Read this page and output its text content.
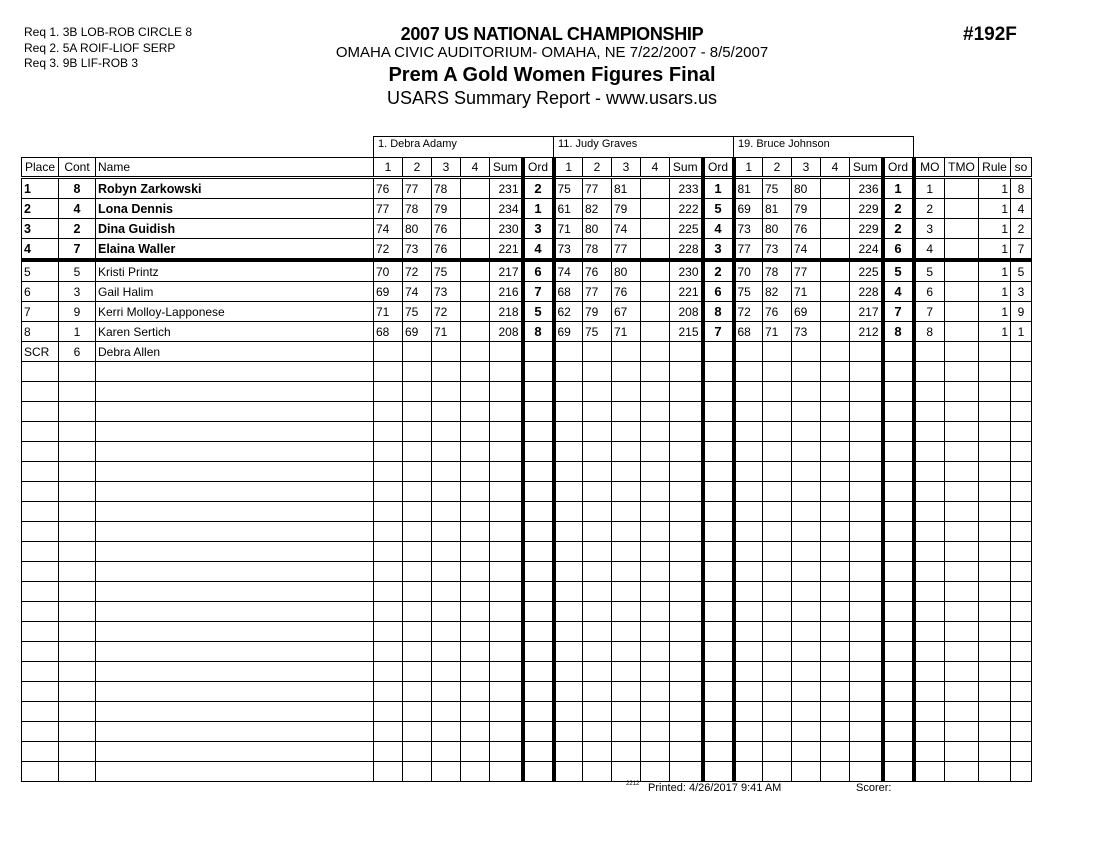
Req 1. 3B LOB-ROB CIRCLE 8
Req 2. 5A ROIF-LIOF SERP
Req 3. 9B LIF-ROB 3
2007 US NATIONAL CHAMPIONSHIP
OMAHA CIVIC AUDITORIUM- OMAHA, NE 7/22/2007 - 8/5/2007
Prem A Gold Women Figures Final
USARS Summary Report - www.usars.us
#192F
			1. Debra Adamy						11. Judy Graves						19. Bruce Johnson									
Place	Cont	Name	1	2	3	4	Sum	Ord	1	2	3	4	Sum	Ord	1	2	3	4	Sum	Ord	MO	TMO	Rule	so
1	8	Robyn Zarkowski	76	77	78		231	2	75	77	81		233	1	81	75	80		236	1	1		1	8
2	4	Lona Dennis	77	78	79		234	1	61	82	79		222	5	69	81	79		229	2	2		1	4
3	2	Dina Guidish	74	80	76		230	3	71	80	74		225	4	73	80	76		229	2	3		1	2
4	7	Elaina Waller	72	73	76		221	4	73	78	77		228	3	77	73	74		224	6	4		1	7
5	5	Kristi Printz	70	72	75		217	6	74	76	80		230	2	70	78	77		225	5	5		1	5
6	3	Gail Halim	69	74	73		216	7	68	77	76		221	6	75	82	71		228	4	6		1	3
7	9	Kerri Molloy-Lapponese	71	75	72		218	5	62	79	67		208	8	72	76	69		217	7	7		1	9
8	1	Karen Sertich	68	69	71		208	8	69	75	71		215	7	68	71	73		212	8	8		1	1
SCR	6	Debra Allen																						

2212 Printed: 4/26/2017 9:41 AM	Scorer:
